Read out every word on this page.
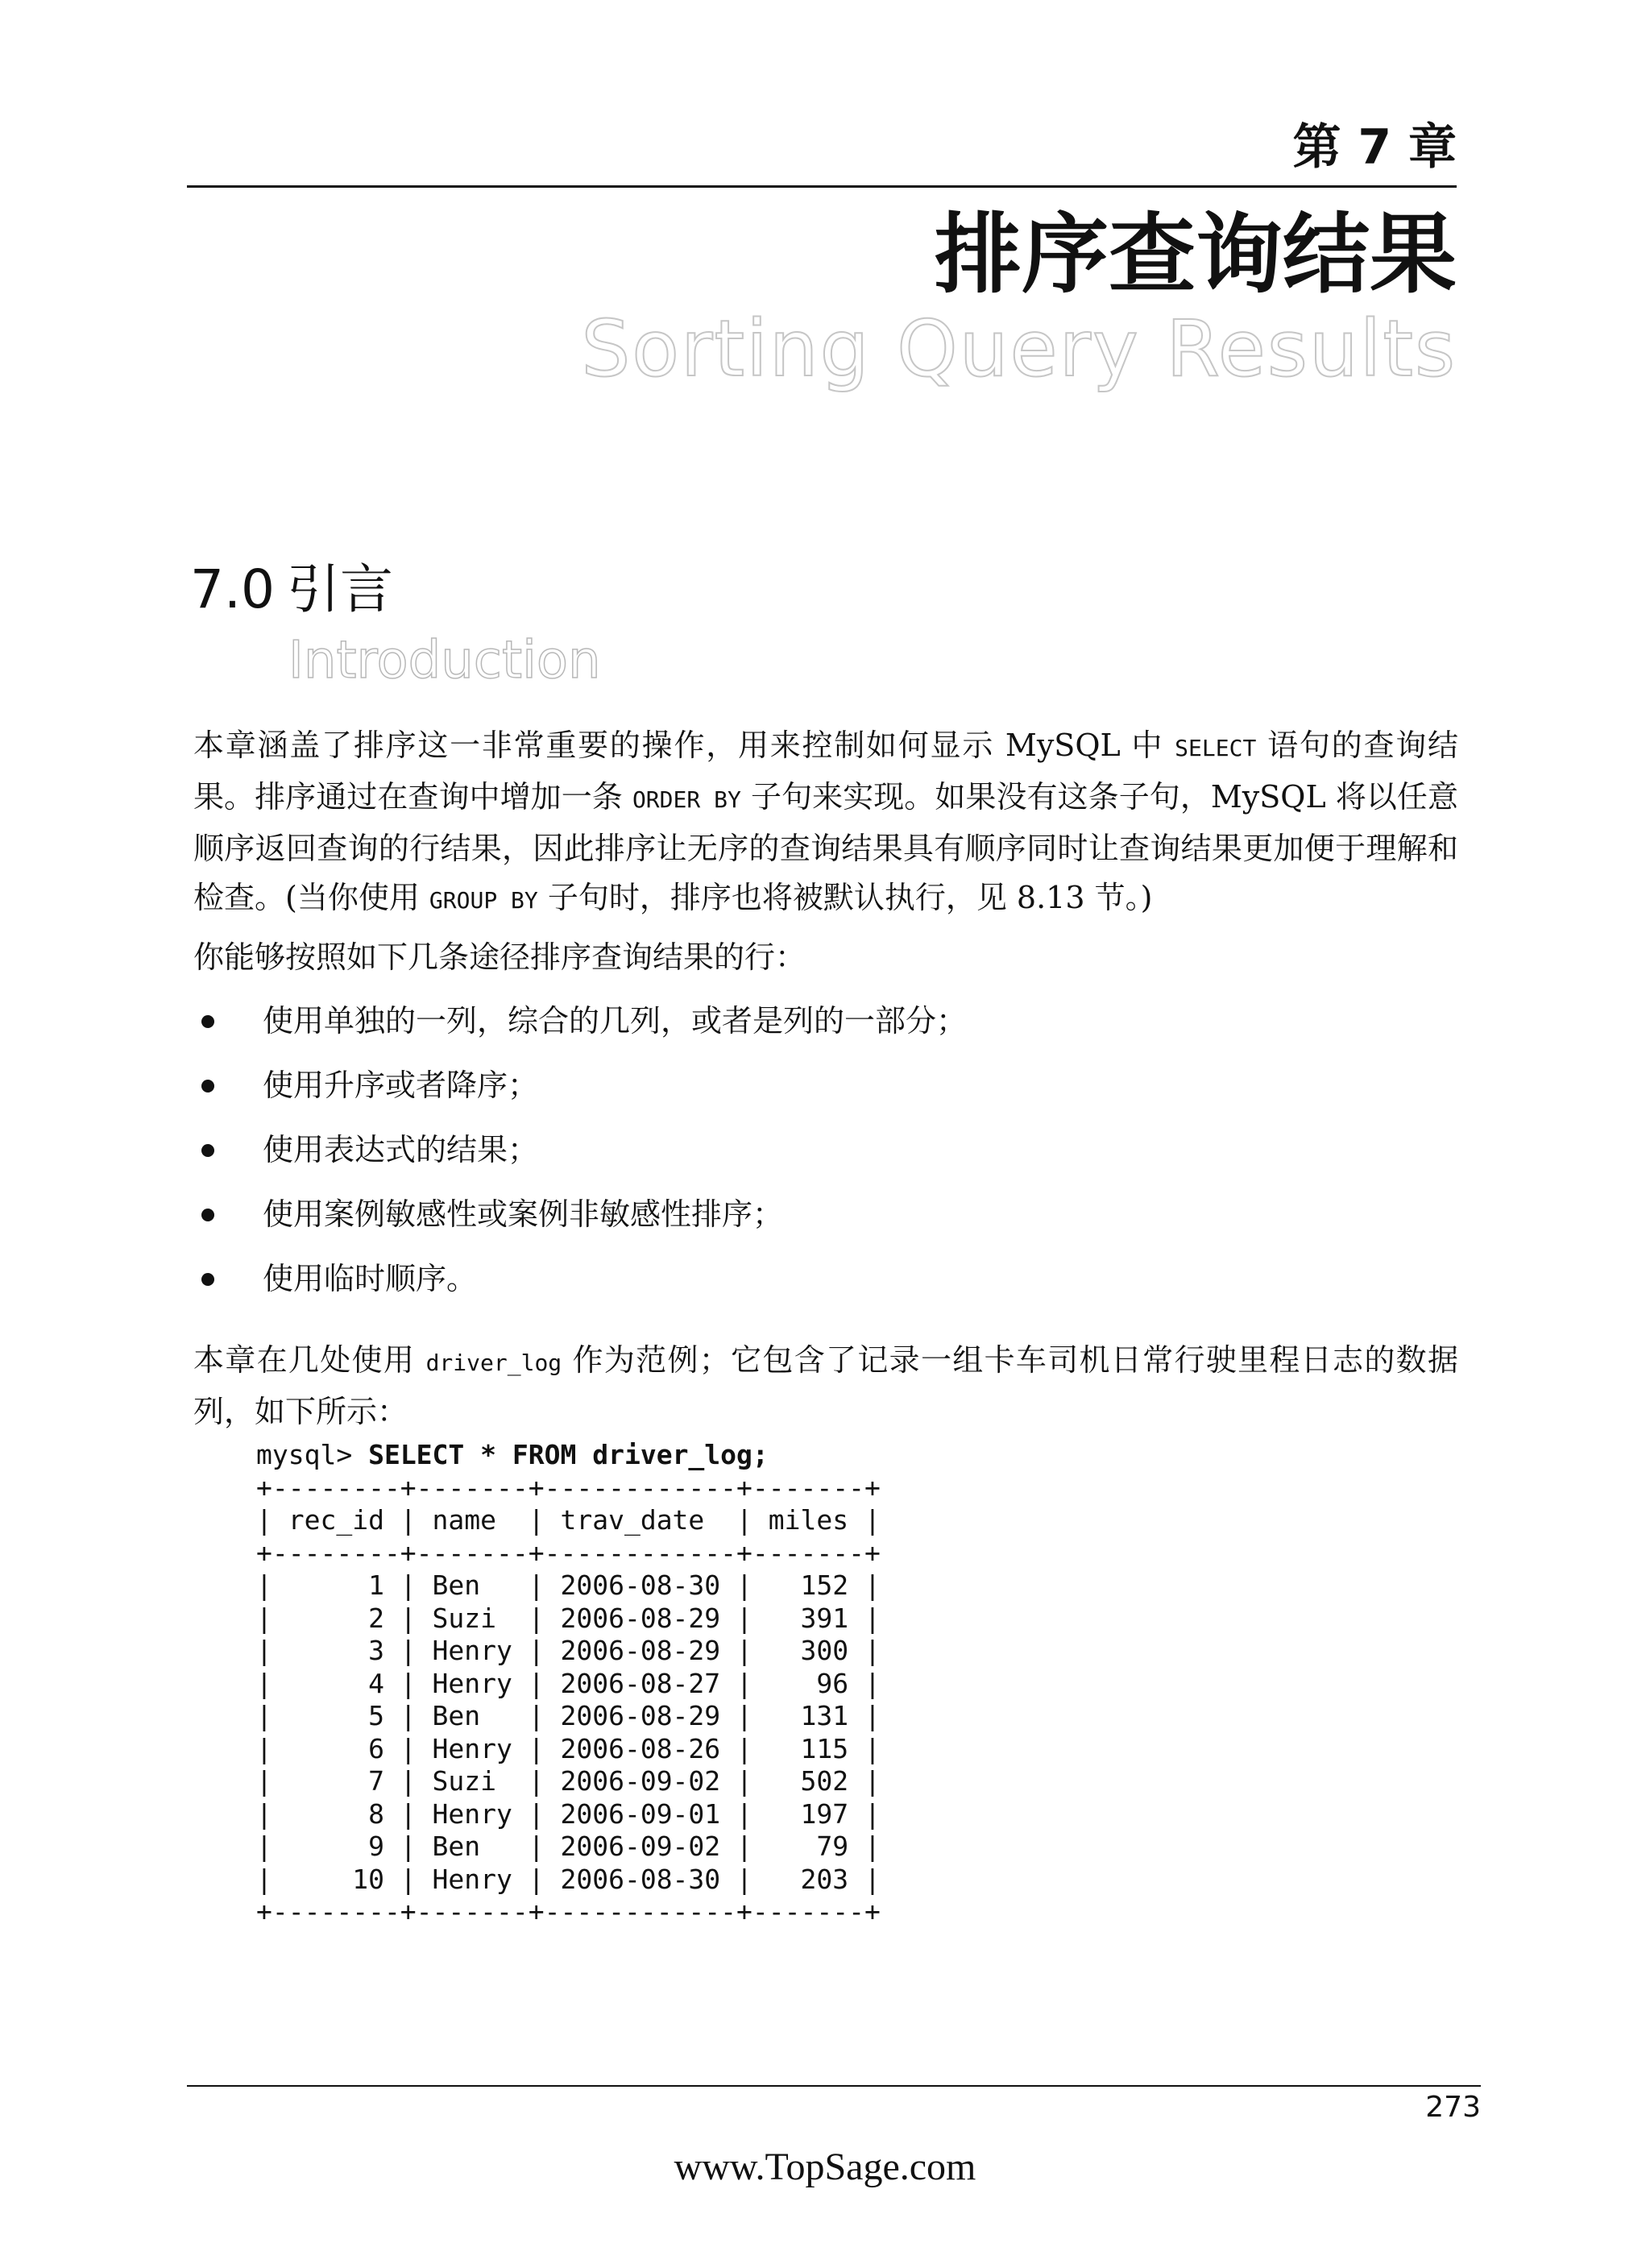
第 7 章
排序查询结果
Sorting Query Results
7.0 引言
Introduction
本章涵盖了排序这一非常重要的操作，用来控制如何显示 MySQL 中 SELECT 语句的查询结果。排序通过在查询中增加一条 ORDER BY 子句来实现。如果没有这条子句，MySQL 将以任意顺序返回查询的行结果，因此排序让无序的查询结果具有顺序同时让查询结果更加便于理解和检查。(当你使用 GROUP BY 子句时，排序也将被默认执行，见 8.13 节。)
你能够按照如下几条途径排序查询结果的行：
使用单独的一列，综合的几列，或者是列的一部分；
使用升序或者降序；
使用表达式的结果；
使用案例敏感性或案例非敏感性排序；
使用临时顺序。
本章在几处使用 driver_log 作为范例；它包含了记录一组卡车司机日常行驶里程日志的数据列，如下所示：
mysql> SELECT * FROM driver_log;
+--------+-------+------------+-------+
| rec_id | name  | trav_date  | miles |
+--------+-------+------------+-------+
|      1 | Ben   | 2006-08-30 |   152 |
|      2 | Suzi  | 2006-08-29 |   391 |
|      3 | Henry | 2006-08-29 |   300 |
|      4 | Henry | 2006-08-27 |    96 |
|      5 | Ben   | 2006-08-29 |   131 |
|      6 | Henry | 2006-08-26 |   115 |
|      7 | Suzi  | 2006-09-02 |   502 |
|      8 | Henry | 2006-09-01 |   197 |
|      9 | Ben   | 2006-09-02 |    79 |
|     10 | Henry | 2006-08-30 |   203 |
+--------+-------+------------+-------+
273
www.TopSage.com
